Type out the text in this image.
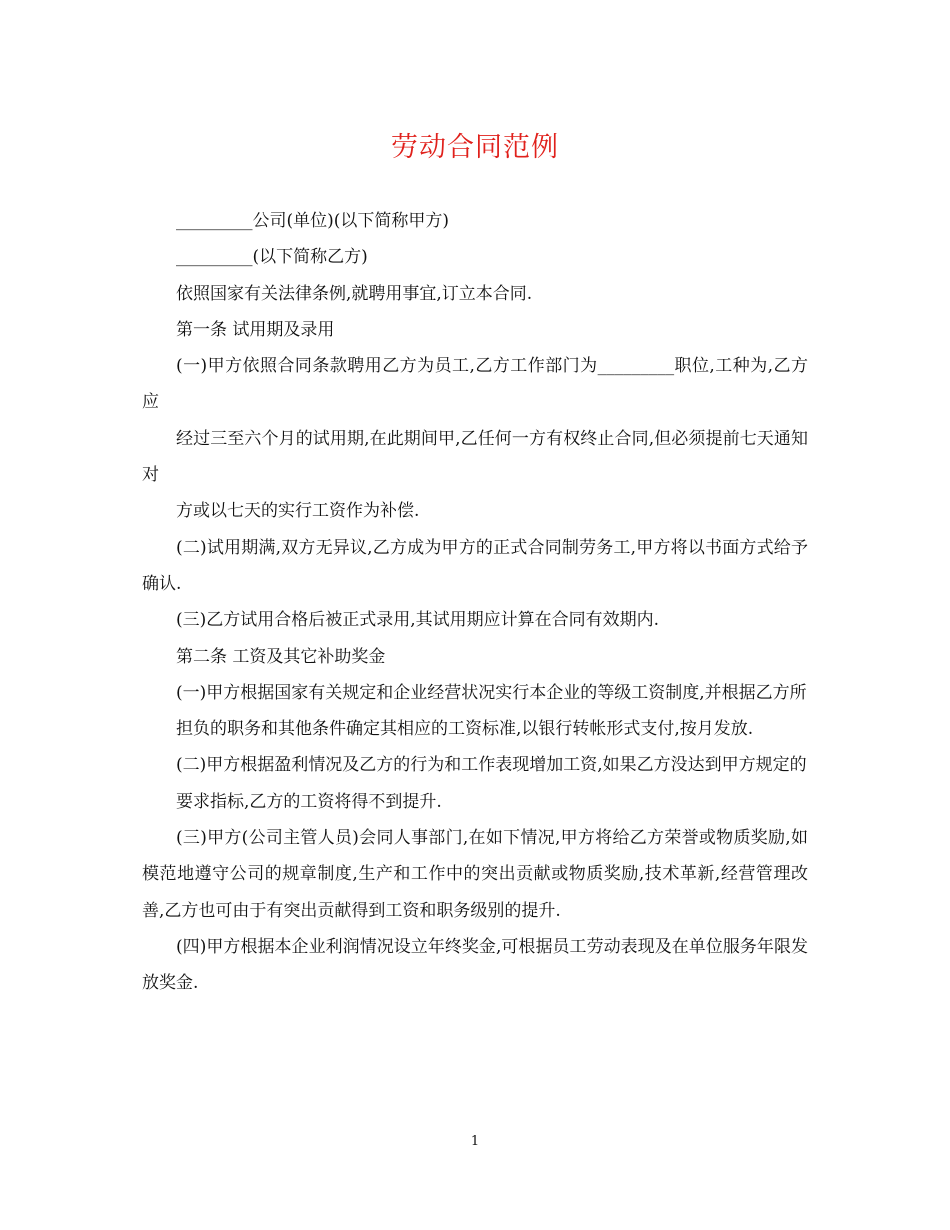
劳动合同范例

_________公司(单位)(以下简称甲方)

_________(以下简称乙方)

依照国家有关法律条例,就聘用事宜,订立本合同.

第一条 试用期及录用

(一)甲方依照合同条款聘用乙方为员工,乙方工作部门为_________职位,工种为,乙方应

经过三至六个月的试用期,在此期间甲,乙任何一方有权终止合同,但必须提前七天通知对

方或以七天的实行工资作为补偿.

(二)试用期满,双方无异议,乙方成为甲方的正式合同制劳务工,甲方将以书面方式给予确认.

(三)乙方试用合格后被正式录用,其试用期应计算在合同有效期内.

第二条 工资及其它补助奖金

(一)甲方根据国家有关规定和企业经营状况实行本企业的等级工资制度,并根据乙方所

担负的职务和其他条件确定其相应的工资标准,以银行转帐形式支付,按月发放.

(二)甲方根据盈利情况及乙方的行为和工作表现增加工资,如果乙方没达到甲方规定的

要求指标,乙方的工资将得不到提升.

(三)甲方(公司主管人员)会同人事部门,在如下情况,甲方将给乙方荣誉或物质奖励,如模范地遵守公司的规章制度,生产和工作中的突出贡献或物质奖励,技术革新,经营管理改善,乙方也可由于有突出贡献得到工资和职务级别的提升.

(四)甲方根据本企业利润情况设立年终奖金,可根据员工劳动表现及在单位服务年限发放奖金.

1
